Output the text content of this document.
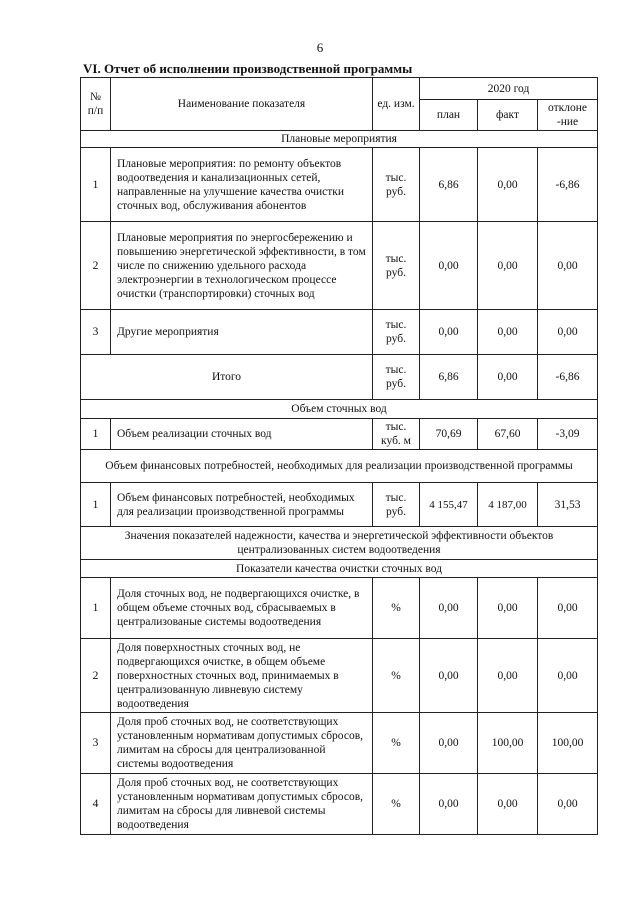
6
VI. Отчет об исполнении производственной программы
№ п/п	Наименование показателя	ед. изм.	2020 год		
			план	факт	отклоне -ние
Плановые мероприятия					
1	Плановые мероприятия: по ремонту объектов водоотведения и канализационных сетей, направленные на улучшение качества очистки сточных вод, обслуживания абонентов	тыс. руб.	6,86	0,00	-6,86
2	Плановые мероприятия по энергосбережению и повышению энергетической эффективности, в том числе по снижению удельного расхода электроэнергии в технологическом процессе очистки (транспортировки) сточных вод	тыс. руб.	0,00	0,00	0,00
3	Другие мероприятия	тыс. руб.	0,00	0,00	0,00
Итого		тыс. руб.	6,86	0,00	-6,86
Объем сточных вод					
1	Объем реализации сточных вод	тыс. куб. м	70,69	67,60	-3,09
Объем финансовых потребностей, необходимых для реализации производственной программы					
1	Объем финансовых потребностей, необходимых для реализации производственной программы	тыс. руб.	4 155,47	4 187,00	31,53
Значения показателей надежности, качества и энергетической эффективности объектов централизованных систем водоотведения					
Показатели качества очистки сточных вод					
1	Доля сточных вод, не подвергающихся очистке, в общем объеме сточных вод, сбрасываемых в централизованые системы водоотведения	%	0,00	0,00	0,00
2	Доля поверхностных сточных вод, не подвергающихся очистке, в общем объеме поверхностных сточных вод, принимаемых в централизованную ливневую систему водоотведения	%	0,00	0,00	0,00
3	Доля проб сточных вод, не соответствующих установленным нормативам допустимых сбросов, лимитам на сбросы для централизованной системы водоотведения	%	0,00	100,00	100,00
4	Доля проб сточных вод, не соответствующих установленным нормативам допустимых сбросов, лимитам на сбросы для ливневой системы водоотведения	%	0,00	0,00	0,00
